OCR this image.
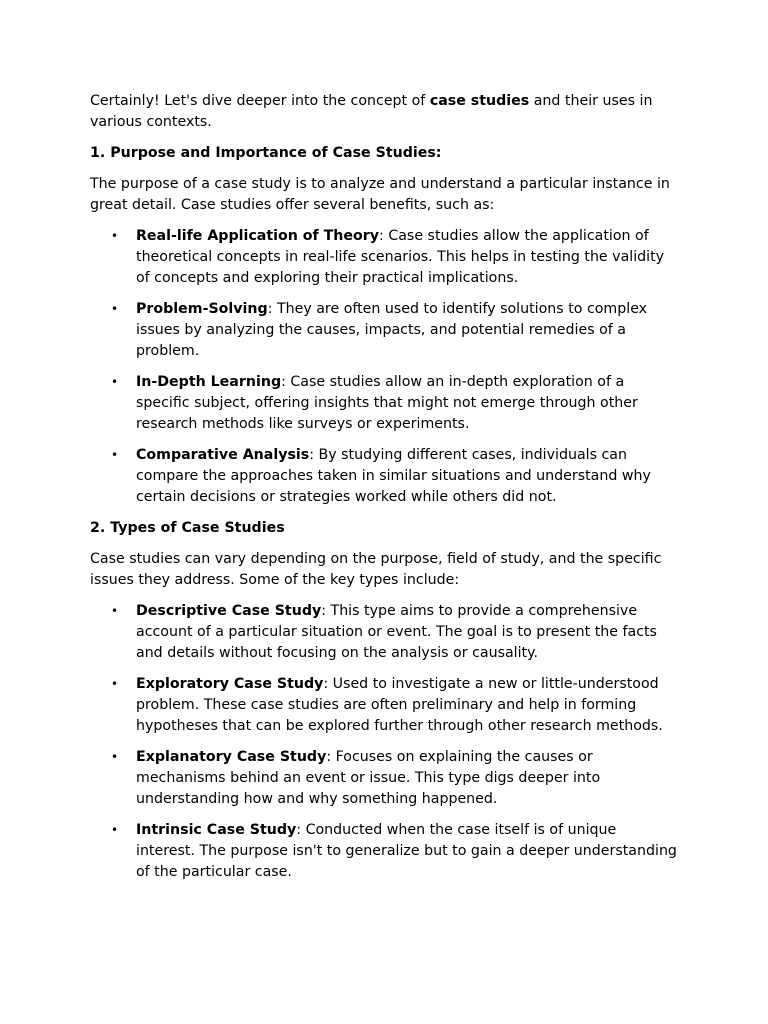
Certainly! Let's dive deeper into the concept of case studies and their uses in various contexts.

1. Purpose and Importance of Case Studies:

The purpose of a case study is to analyze and understand a particular instance in great detail. Case studies offer several benefits, such as:

• Real-life Application of Theory: Case studies allow the application of theoretical concepts in real-life scenarios. This helps in testing the validity of concepts and exploring their practical implications.
• Problem-Solving: They are often used to identify solutions to complex issues by analyzing the causes, impacts, and potential remedies of a problem.
• In-Depth Learning: Case studies allow an in-depth exploration of a specific subject, offering insights that might not emerge through other research methods like surveys or experiments.
• Comparative Analysis: By studying different cases, individuals can compare the approaches taken in similar situations and understand why certain decisions or strategies worked while others did not.
2. Types of Case Studies

Case studies can vary depending on the purpose, field of study, and the specific issues they address. Some of the key types include:

• Descriptive Case Study: This type aims to provide a comprehensive account of a particular situation or event. The goal is to present the facts and details without focusing on the analysis or causality.
• Exploratory Case Study: Used to investigate a new or little-understood problem. These case studies are often preliminary and help in forming hypotheses that can be explored further through other research methods.
• Explanatory Case Study: Focuses on explaining the causes or mechanisms behind an event or issue. This type digs deeper into understanding how and why something happened.
• Intrinsic Case Study: Conducted when the case itself is of unique interest. The purpose isn't to generalize but to gain a deeper understanding of the particular case.
